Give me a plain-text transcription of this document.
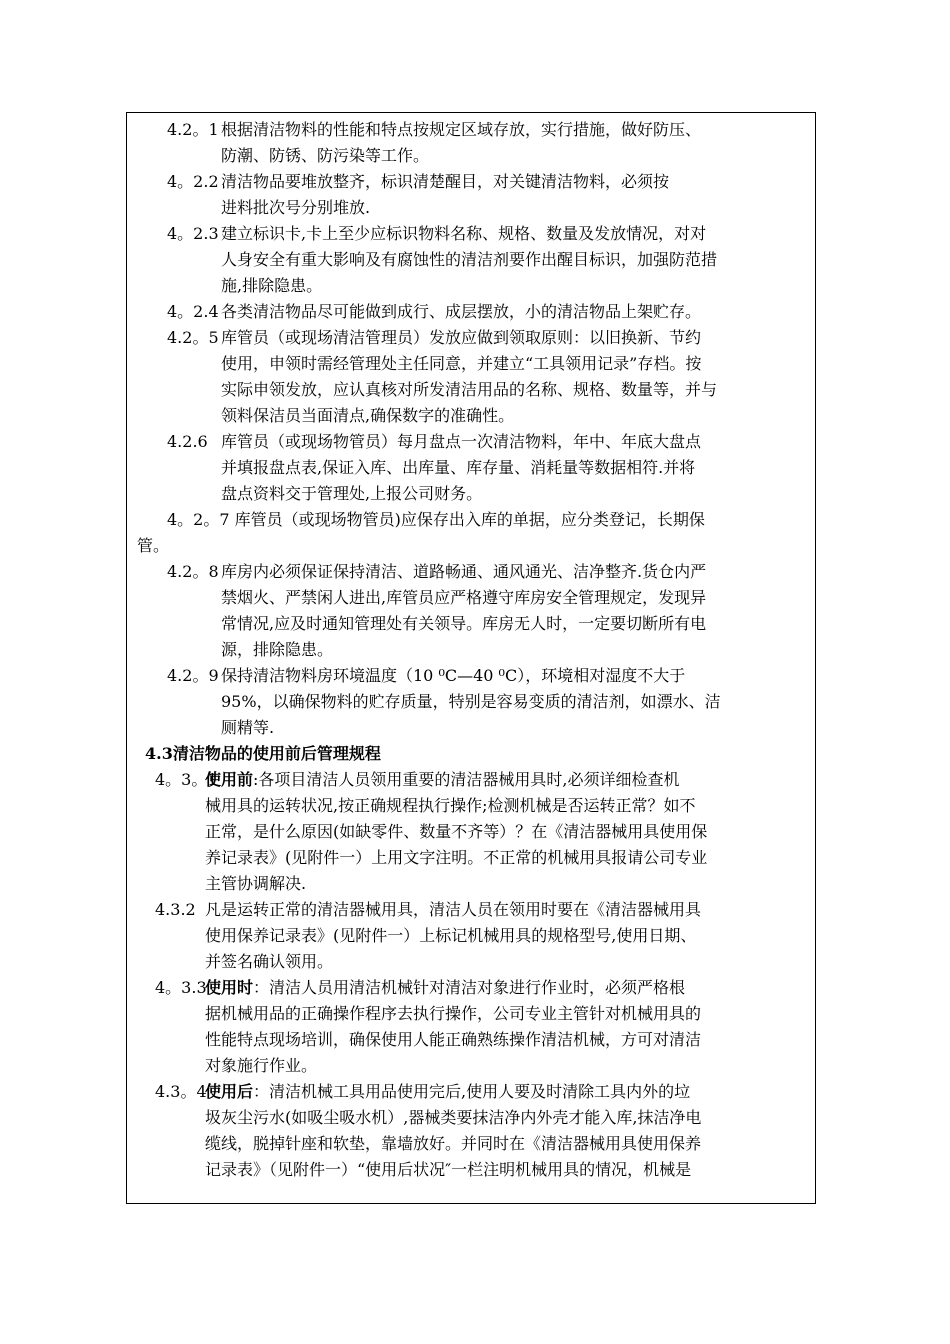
4.2。1 根据清洁物料的性能和特点按规定区域存放，实行措施，做好防压、
防潮、防锈、防污染等工作。
4。2.2 清洁物品要堆放整齐，标识清楚醒目，对关键清洁物料，必须按
进料批次号分别堆放.
4。2.3 建立标识卡,卡上至少应标识物料名称、规格、数量及发放情况，对对
人身安全有重大影响及有腐蚀性的清洁剂要作出醒目标识，加强防范措
施,排除隐患。
4。2.4 各类清洁物品尽可能做到成行、成层摆放，小的清洁物品上架贮存。
4.2。5 库管员（或现场清洁管理员）发放应做到领取原则：以旧换新、节约
使用，申领时需经管理处主任同意，并建立“工具领用记录”存档。按
实际申领发放，应认真核对所发清洁用品的名称、规格、数量等，并与
领料保洁员当面清点,确保数字的准确性。
4.2.6 库管员（或现场物管员）每月盘点一次清洁物料，年中、年底大盘点
并填报盘点表,保证入库、出库量、库存量、消耗量等数据相符.并将
盘点资料交于管理处,上报公司财务。
4。2。7 库管员（或现场物管员)应保存出入库的单据，应分类登记，长期保
管。
4.2。8 库房内必须保证保持清洁、道路畅通、通风通光、洁净整齐.货仓内严
禁烟火、严禁闲人进出,库管员应严格遵守库房安全管理规定，发现异
常情况,应及时通知管理处有关领导。库房无人时，一定要切断所有电
源，排除隐患。
4.2。9 保持清洁物料房环境温度（10 ⁰C—40 ⁰C），环境相对湿度不大于
95%，以确保物料的贮存质量，特别是容易变质的清洁剂，如漂水、洁
厕精等.
4.3清洁物品的使用前后管理规程
4。3。1
使用前:各项目清洁人员领用重要的清洁器械用具时,必须详细检查机
械用具的运转状况,按正确规程执行操作;检测机械是否运转正常？如不
正常，是什么原因(如缺零件、数量不齐等）？在《清洁器械用具使用保
养记录表》(见附件一）上用文字注明。不正常的机械用具报请公司专业
主管协调解决.
4.3.2 凡是运转正常的清洁器械用具，清洁人员在领用时要在《清洁器械用具
使用保养记录表》(见附件一）上标记机械用具的规格型号,使用日期、
并签名确认领用。
4。3.3
使用时：清洁人员用清洁机械针对清洁对象进行作业时，必须严格根
据机械用品的正确操作程序去执行操作，公司专业主管针对机械用具的
性能特点现场培训，确保使用人能正确熟练操作清洁机械，方可对清洁
对象施行作业。
4.3。4
使用后：清洁机械工具用品使用完后,使用人要及时清除工具内外的垃
圾灰尘污水(如吸尘吸水机）,器械类要抹洁净内外壳才能入库,抹洁净电
缆线，脱掉针座和软垫，靠墙放好。并同时在《清洁器械用具使用保养
记录表》（见附件一）“使用后状况″一栏注明机械用具的情况，机械是
